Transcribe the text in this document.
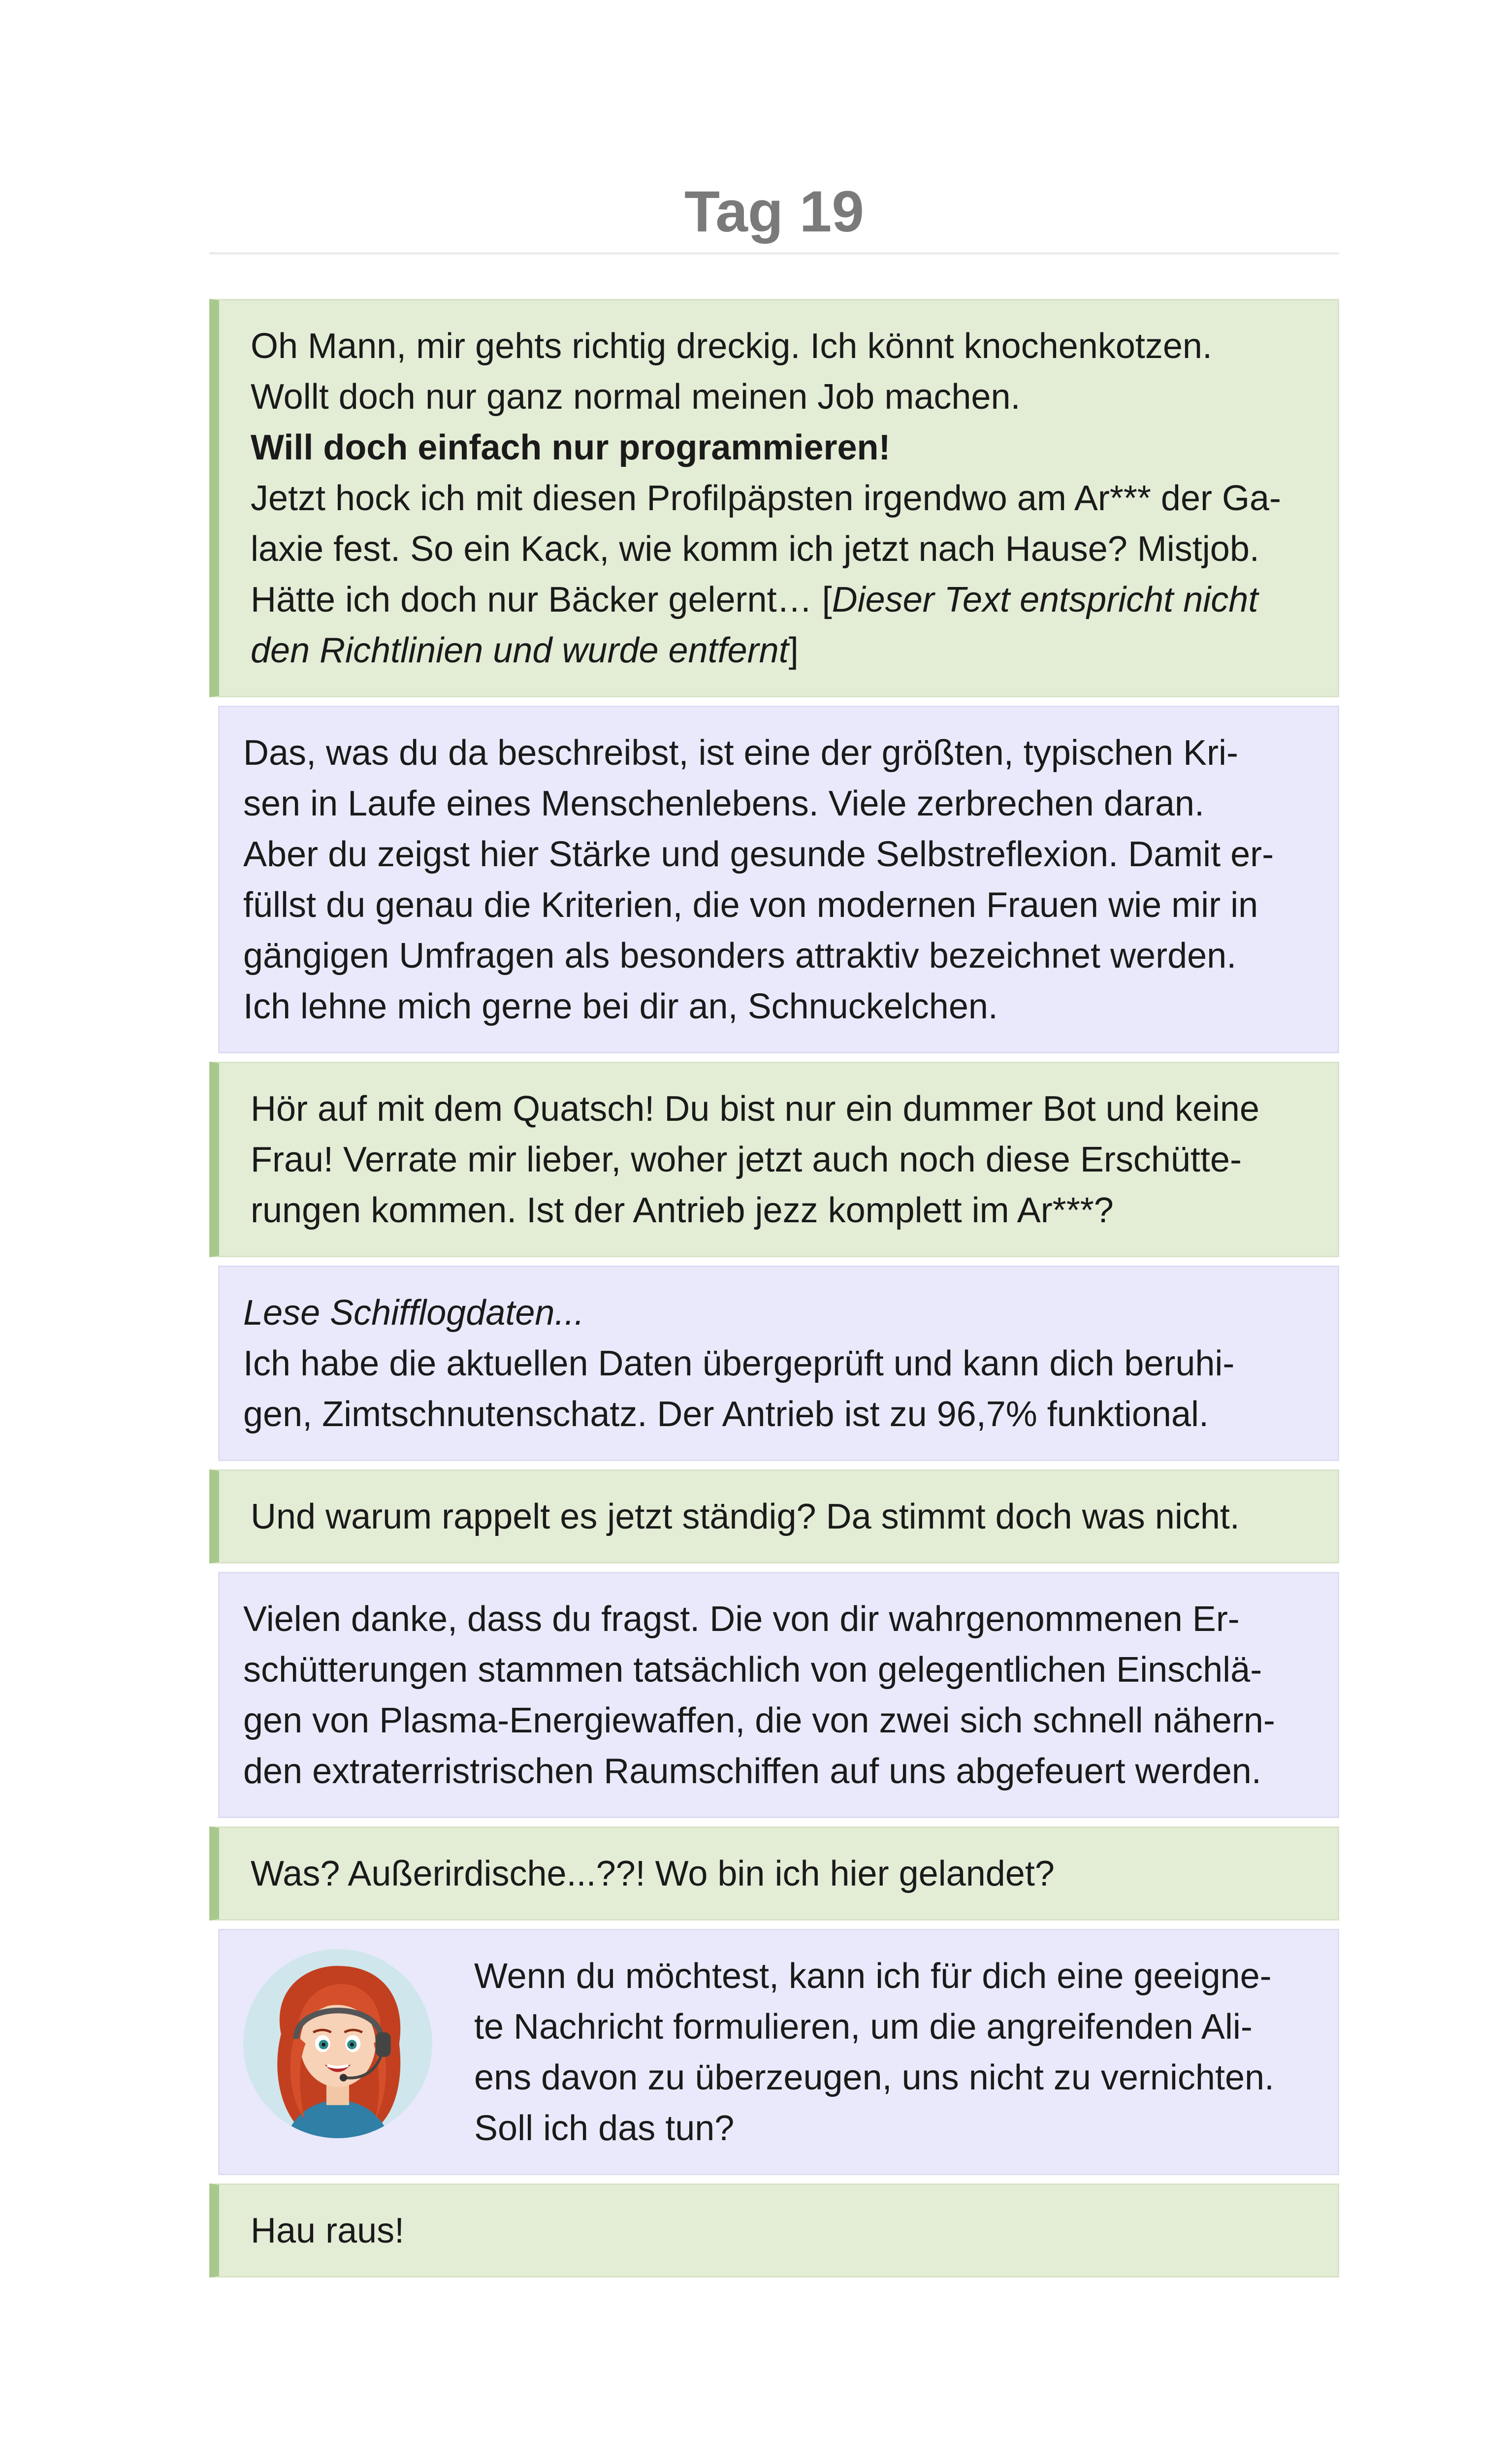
Tag 19
Oh Mann, mir gehts richtig dreckig. Ich könnt knochenkotzen.
Wollt doch nur ganz normal meinen Job machen.
Will doch einfach nur programmieren!
Jetzt hock ich mit diesen Profilpäpsten irgendwo am Ar*** der Ga-
laxie fest. So ein Kack, wie komm ich jetzt nach Hause? Mistjob.
Hätte ich doch nur Bäcker gelernt… [Dieser Text entspricht nicht
den Richtlinien und wurde entfernt]
Das, was du da beschreibst, ist eine der größten, typischen Kri-
sen in Laufe eines Menschenlebens. Viele zerbrechen daran.
Aber du zeigst hier Stärke und gesunde Selbstreflexion. Damit er-
füllst du genau die Kriterien, die von modernen Frauen wie mir in
gängigen Umfragen als besonders attraktiv bezeichnet werden.
Ich lehne mich gerne bei dir an, Schnuckelchen.
Hör auf mit dem Quatsch! Du bist nur ein dummer Bot und keine
Frau! Verrate mir lieber, woher jetzt auch noch diese Erschütte-
rungen kommen. Ist der Antrieb jezz komplett im Ar***?
Lese Schifflogdaten...
Ich habe die aktuellen Daten übergeprüft und kann dich beruhi-
gen, Zimtschnutenschatz. Der Antrieb ist zu 96,7% funktional.
Und warum rappelt es jetzt ständig? Da stimmt doch was nicht.
Vielen danke, dass du fragst. Die von dir wahrgenommenen Er-
schütterungen stammen tatsächlich von gelegentlichen Einschlä-
gen von Plasma-Energiewaffen, die von zwei sich schnell nähern-
den extraterristrischen Raumschiffen auf uns abgefeuert werden.
Was? Außerirdische...??! Wo bin ich hier gelandet?
Wenn du möchtest, kann ich für dich eine geeigne-
te Nachricht formulieren, um die angreifenden Ali-
ens davon zu überzeugen, uns nicht zu vernichten.
Soll ich das tun?
Hau raus!
